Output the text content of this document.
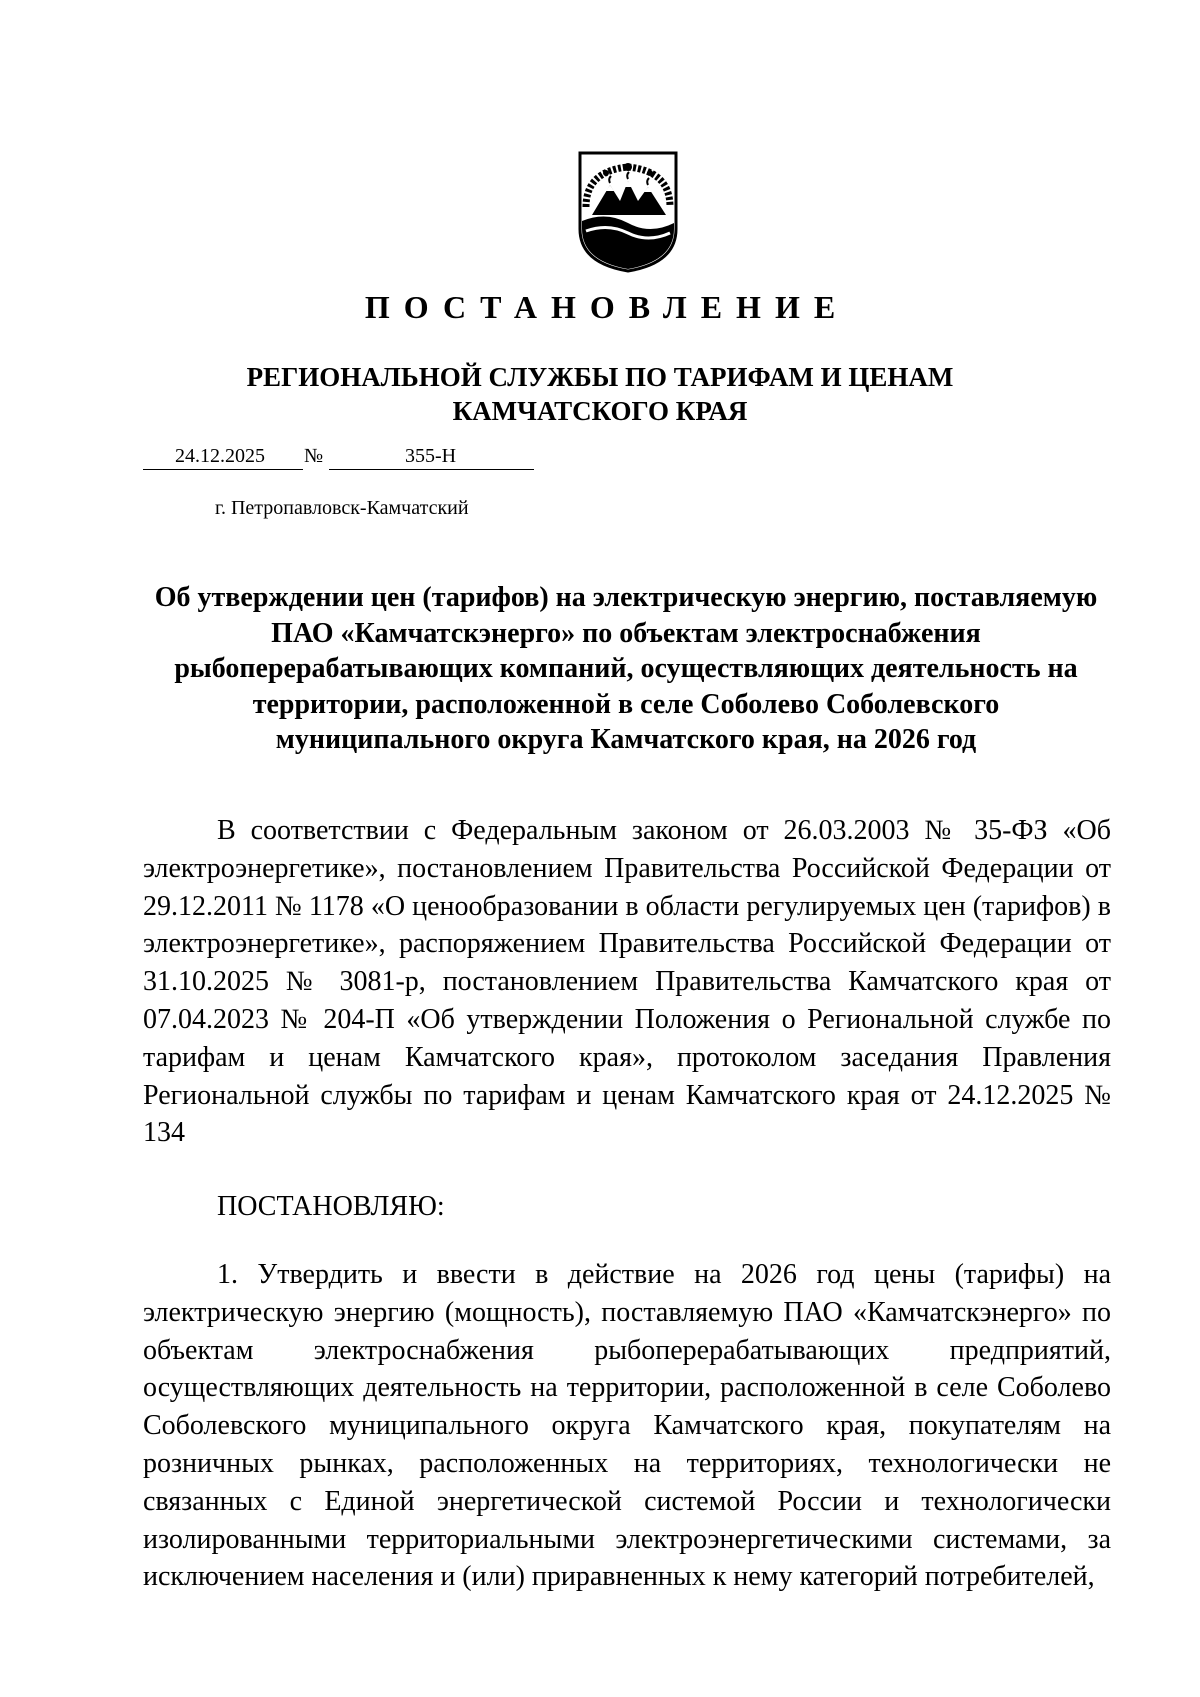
ПОСТАНОВЛЕНИЕ
РЕГИОНАЛЬНОЙ СЛУЖБЫ ПО ТАРИФАМ И ЦЕНАМ
КАМЧАТСКОГО КРАЯ
24.12.2025 №	355-Н
г. Петропавловск-Камчатский
Об утверждении цен (тарифов) на электрическую энергию, поставляемую
ПАО «Камчатскэнерго» по объектам электроснабжения
рыбоперерабатывающих компаний, осуществляющих деятельность на
территории, расположенной в селе Соболево Соболевского
муниципального округа Камчатского края, на 2026 год
В соответствии с Федеральным законом от 26.03.2003 № 35-ФЗ «Об электроэнергетике», постановлением Правительства Российской Федерации от 29.12.2011 № 1178 «О ценообразовании в области регулируемых цен (тарифов) в электроэнергетике», распоряжением Правительства Российской Федерации от 31.10.2025 № 3081-р, постановлением Правительства Камчатского края от 07.04.2023 № 204-П «Об утверждении Положения о Региональной службе по тарифам и ценам Камчатского края», протоколом заседания Правления Региональной службы по тарифам и ценам Камчатского края от 24.12.2025 № 134
ПОСТАНОВЛЯЮ:
1. Утвердить и ввести в действие на 2026 год цены (тарифы) на электрическую энергию (мощность), поставляемую ПАО «Камчатскэнерго» по объектам электроснабжения рыбоперерабатывающих предприятий, осуществляющих деятельность на территории, расположенной в селе Соболево Соболевского муниципального округа Камчатского края, покупателям на розничных рынках, расположенных на территориях, технологически не связанных с Единой энергетической системой России и технологически изолированными территориальными электроэнергетическими системами, за исключением населения и (или) приравненных к нему категорий потребителей,
